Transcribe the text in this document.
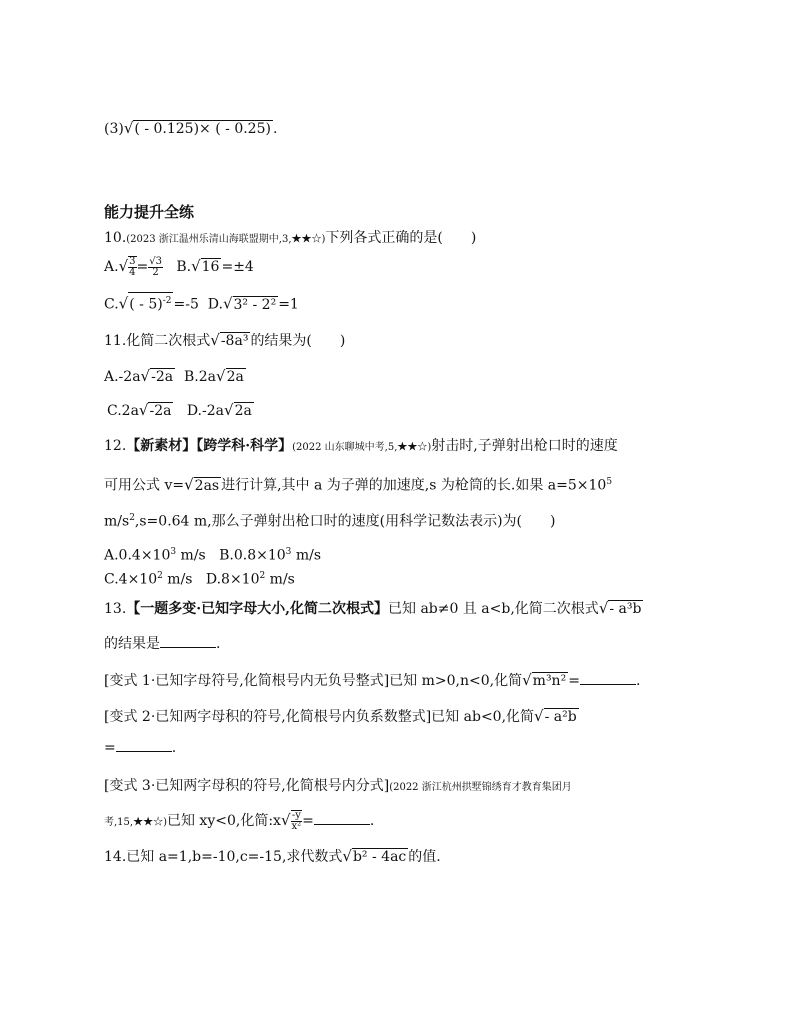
(3)√( - 0.125)× ( - 0.25) .
能力提升全练
10.(2023 浙江温州乐清山海联盟期中,3,★★☆)下列各式正确的是(　　)
$A.√ \frac{3}{4} = \frac{√3}{2} B.√16 =\pm 4$
C.√( - 5)$^{-2}$ =-5 D.√3² - 2² =1
11.化简二次根式√-8a³ 的结果为(　　)
A.-2a√-2a B.2a√2a
C.2a√-2a D.-2a√2a
12.【新素材】【跨学科·科学】(2022 山东聊城中考,5,★★☆)射击时,子弹射出枪口时的速度
可用公式 v=√2as 进行计算,其中 a 为子弹的加速度,s 为枪筒的长.如果 $a=5\times 10^5$
$m/s^2,s=0.64$ m,那么子弹射出枪口时的速度(用科学记数法表示)为(　　)
$A.0.4\times 10^3$ m/s $B.0.8\times 10^3$ m/s
$C.4\times 10^2$ m/s $D.8\times 10^2$ m/s
13.【一题多变·已知字母大小,化简二次根式】已知 ab≠0 且 a<b,化简二次根式√- a³b
的结果是	.
[变式 1·已知字母符号,化简根号内无负号整式]已知 m>0,n<0,化简√m³n² =	.
[变式 2·已知两字母积的符号,化简根号内负系数整式]已知 ab<0,化简√- a²b
=	.
[变式 3·已知两字母积的符号,化简根号内分式](2022 浙江杭州拱墅锦绣育才教育集团月
考,15,★★☆)已知 xy<0,化简:x√ $\frac{-y}{\text{x²}}$ =	.
14.已知 a=1,b=-10,c=-15,求代数式√b² - 4ac 的值.
